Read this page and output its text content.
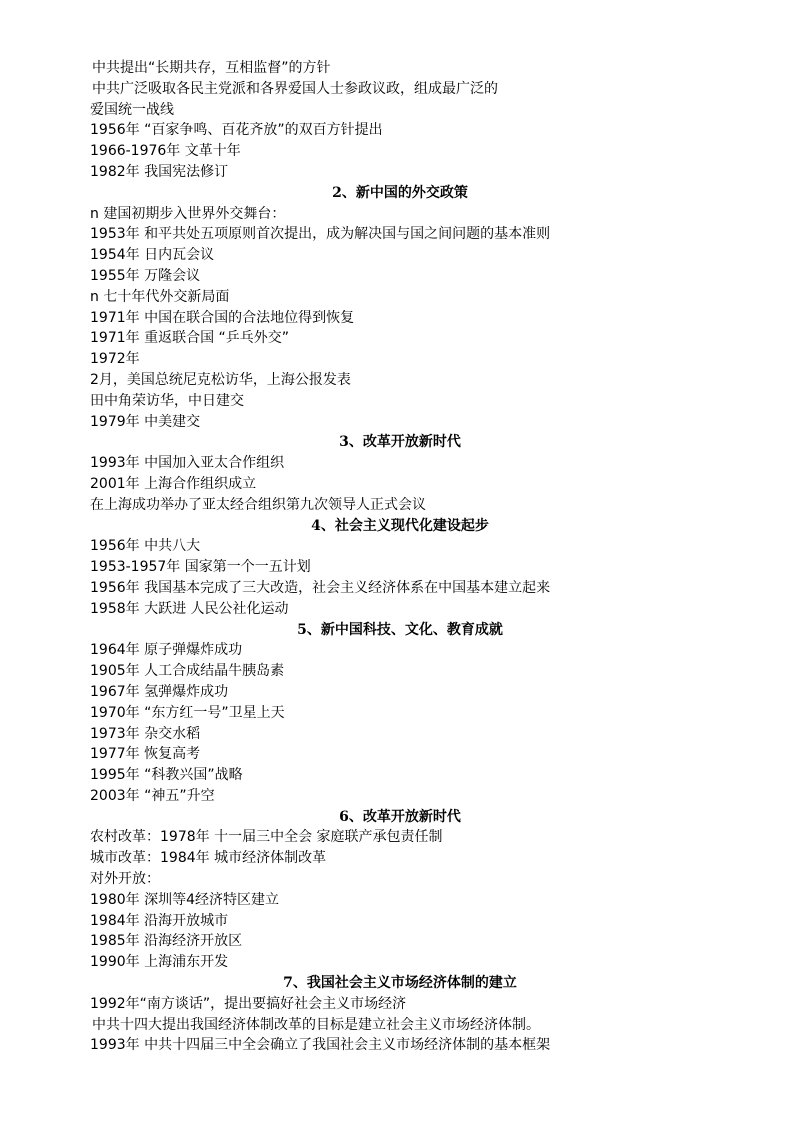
中共提出“长期共存，互相监督”的方针
中共广泛吸取各民主党派和各界爱国人士参政议政，组成最广泛的
爱国统一战线
1956年 “百家争鸣、百花齐放”的双百方针提出
1966-1976年 文革十年
1982年 我国宪法修订
2、新中国的外交政策
n 建国初期步入世界外交舞台：
1953年 和平共处五项原则首次提出，成为解决国与国之间问题的基本准则
1954年 日内瓦会议
1955年 万隆会议
n 七十年代外交新局面
1971年 中国在联合国的合法地位得到恢复
1971年 重返联合国 “乒乓外交”
1972年
2月，美国总统尼克松访华，上海公报发表
田中角荣访华，中日建交
1979年 中美建交
3、改革开放新时代
1993年 中国加入亚太合作组织
2001年 上海合作组织成立
在上海成功举办了亚太经合组织第九次领导人正式会议
4、社会主义现代化建设起步
1956年 中共八大
1953-1957年 国家第一个一五计划
1956年 我国基本完成了三大改造，社会主义经济体系在中国基本建立起来
1958年 大跃进 人民公社化运动
5、新中国科技、文化、教育成就
1964年 原子弹爆炸成功
1905年 人工合成结晶牛胰岛素
1967年 氢弹爆炸成功
1970年 “东方红一号”卫星上天
1973年 杂交水稻
1977年 恢复高考
1995年 “科教兴国”战略
2003年 “神五”升空
6、改革开放新时代
农村改革：1978年 十一届三中全会 家庭联产承包责任制
城市改革：1984年 城市经济体制改革
对外开放：
1980年 深圳等4经济特区建立
1984年 沿海开放城市
1985年 沿海经济开放区
1990年 上海浦东开发
7、我国社会主义市场经济体制的建立
1992年“南方谈话”，提出要搞好社会主义市场经济
中共十四大提出我国经济体制改革的目标是建立社会主义市场经济体制。
1993年 中共十四届三中全会确立了我国社会主义市场经济体制的基本框架
